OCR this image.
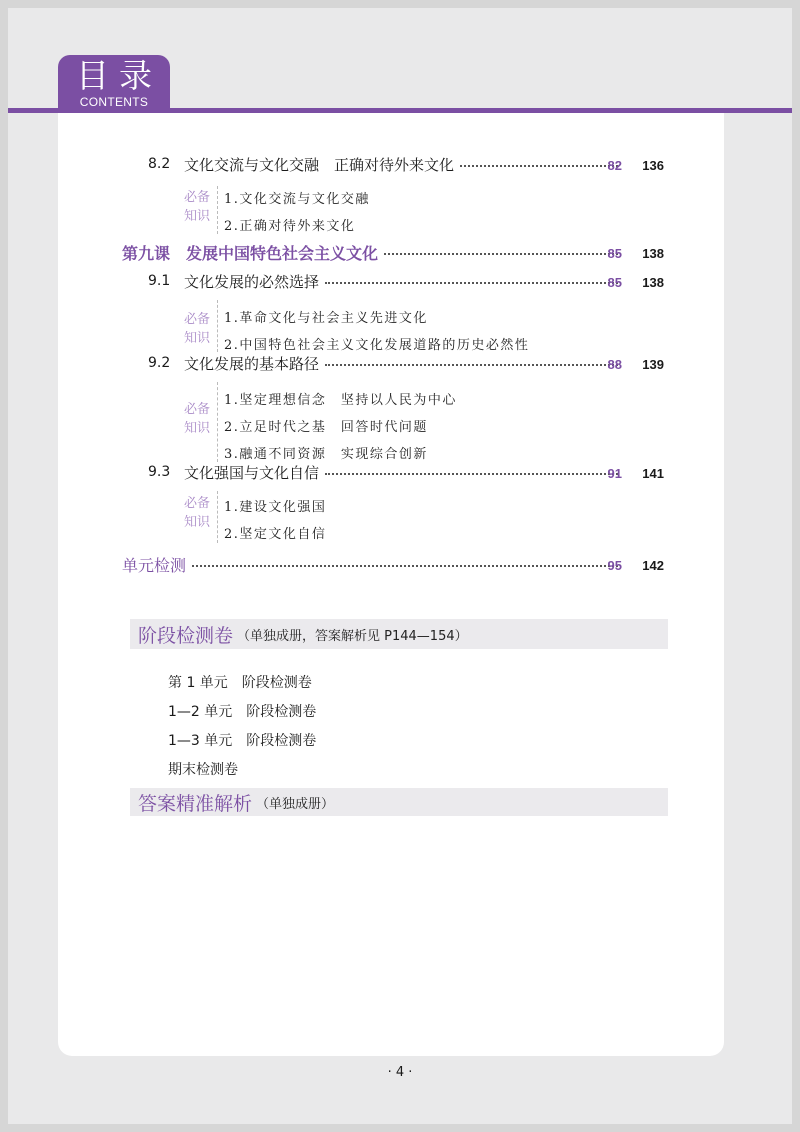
目录
CONTENTS
8.2 文化交流与文化交融　正确对待外来文化	82	136
必备知识
1.文化交流与文化交融
2.正确对待外来文化
第九课　发展中国特色社会主义文化	85	138
9.1 文化发展的必然选择	85	138
必备知识
1.革命文化与社会主义先进文化
2.中国特色社会主义文化发展道路的历史必然性
9.2 文化发展的基本路径	88	139
必备知识
1.坚定理想信念　坚持以人民为中心
2.立足时代之基　回答时代问题
3.融通不同资源　实现综合创新
9.3 文化强国与文化自信	91	141
必备知识
1.建设文化强国
2.坚定文化自信
单元检测	95	142
阶段检测卷 （单独成册，答案解析见 P144—154）
第 1 单元　阶段检测卷
1—2 单元　阶段检测卷
1—3 单元　阶段检测卷
期末检测卷
答案精准解析 （单独成册）
· 4 ·
